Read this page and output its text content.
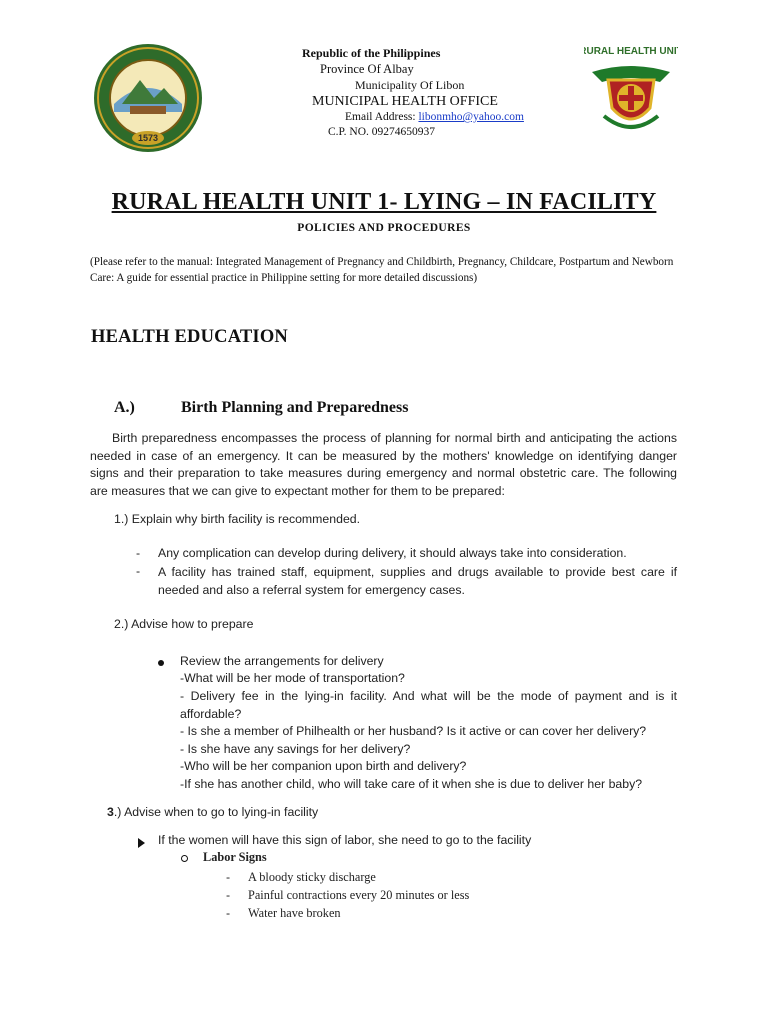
1573
RURAL HEALTH UNIT
Republic of the Philippines
Province Of Albay
Municipality Of Libon
MUNICIPAL HEALTH OFFICE
Email Address: libonmho@yahoo.com
C.P. NO. 09274650937
RURAL HEALTH UNIT 1- LYING – IN FACILITY
POLICIES AND PROCEDURES
(Please refer to the manual: Integrated Management of Pregnancy and Childbirth, Pregnancy, Childcare, Postpartum and Newborn Care: A guide for essential practice in Philippine setting for more detailed discussions)
HEALTH EDUCATION
A.)	Birth Planning and Preparedness
Birth preparedness encompasses the process of planning for normal birth and anticipating the actions needed in case of an emergency. It can be measured by the mothers' knowledge on identifying danger signs and their preparation to take measures during emergency and normal obstetric care. The following are measures that we can give to expectant mother for them to be prepared:
1.) Explain why birth facility is recommended.
- Any complication can develop during delivery, it should always take into consideration.
- A facility has trained staff, equipment, supplies and drugs available to provide best care if needed and also a referral system for emergency cases.
2.) Advise how to prepare
Review the arrangements for delivery
-What will be her mode of transportation?
- Delivery fee in the lying-in facility. And what will be the mode of payment and is it affordable?
- Is she a member of Philhealth or her husband? Is it active or can cover her delivery?
- Is she have any savings for her delivery?
-Who will be her companion upon birth and delivery?
-If she has another child, who will take care of it when she is due to deliver her baby?
3.) Advise when to go to lying-in facility
If the women will have this sign of labor, she need to go to the facility
Labor Signs
- A bloody sticky discharge
- Painful contractions every 20 minutes or less
- Water have broken
